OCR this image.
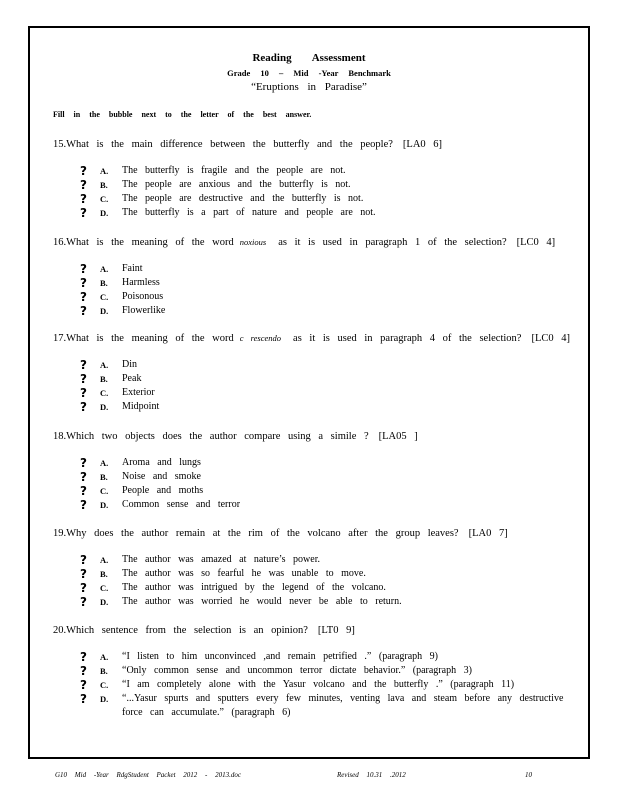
Reading Assessment
Grade 10 – Mid -Year Benchmark
“Eruptions in Paradise”
Fill in the bubble next to the letter of the best answer.
15.What is the main difference between the butterfly and the people? [LA0 6]
?	A.	The butterfly is fragile and the people are not.
?	B.	The people are anxious and the butterfly is not.
?	C.	The people are destructive and the butterfly is not.
?	D.	The butterfly is a part of nature and people are not.
16.What is the meaning of the word noxious as it is used in paragraph 1 of the selection? [LC0 4]
?	A.	Faint
?	B.	Harmless
?	C.	Poisonous
?	D.	Flowerlike
17.What is the meaning of the word c rescendo as it is used in paragraph 4 of the selection? [LC0 4]
?	A.	Din
?	B.	Peak
?	C.	Exterior
?	D.	Midpoint
18.Which two objects does the author compare using a simile ? [LA05 ]
?	A.	Aroma and lungs
?	B.	Noise and smoke
?	C.	People and moths
?	D.	Common sense and terror
19.Why does the author remain at the rim of the volcano after the group leaves? [LA0 7]
?	A.	The author was amazed at nature’s power.
?	B.	The author was so fearful he was unable to move.
?	C.	The author was intrigued by the legend of the volcano.
?	D.	The author was worried he would never be able to return.
20.Which sentence from the selection is an opinion? [LT0 9]
?	A.	“I listen to him unconvinced ,and remain petrified .” (paragraph 9)
?	B.	“Only common sense and uncommon terror dictate behavior.” (paragraph 3)
?	C.	“I am completely alone with the Yasur volcano and the butterfly .” (paragraph 11)
?	D.	“...Yasur spurts and sputters every few minutes, venting lava and steam before any destructive force can accumulate.” (paragraph 6)
G10 Mid -Year RdgStudent Packet 2012 - 2013.doc	Revised 10.31 .2012	10
